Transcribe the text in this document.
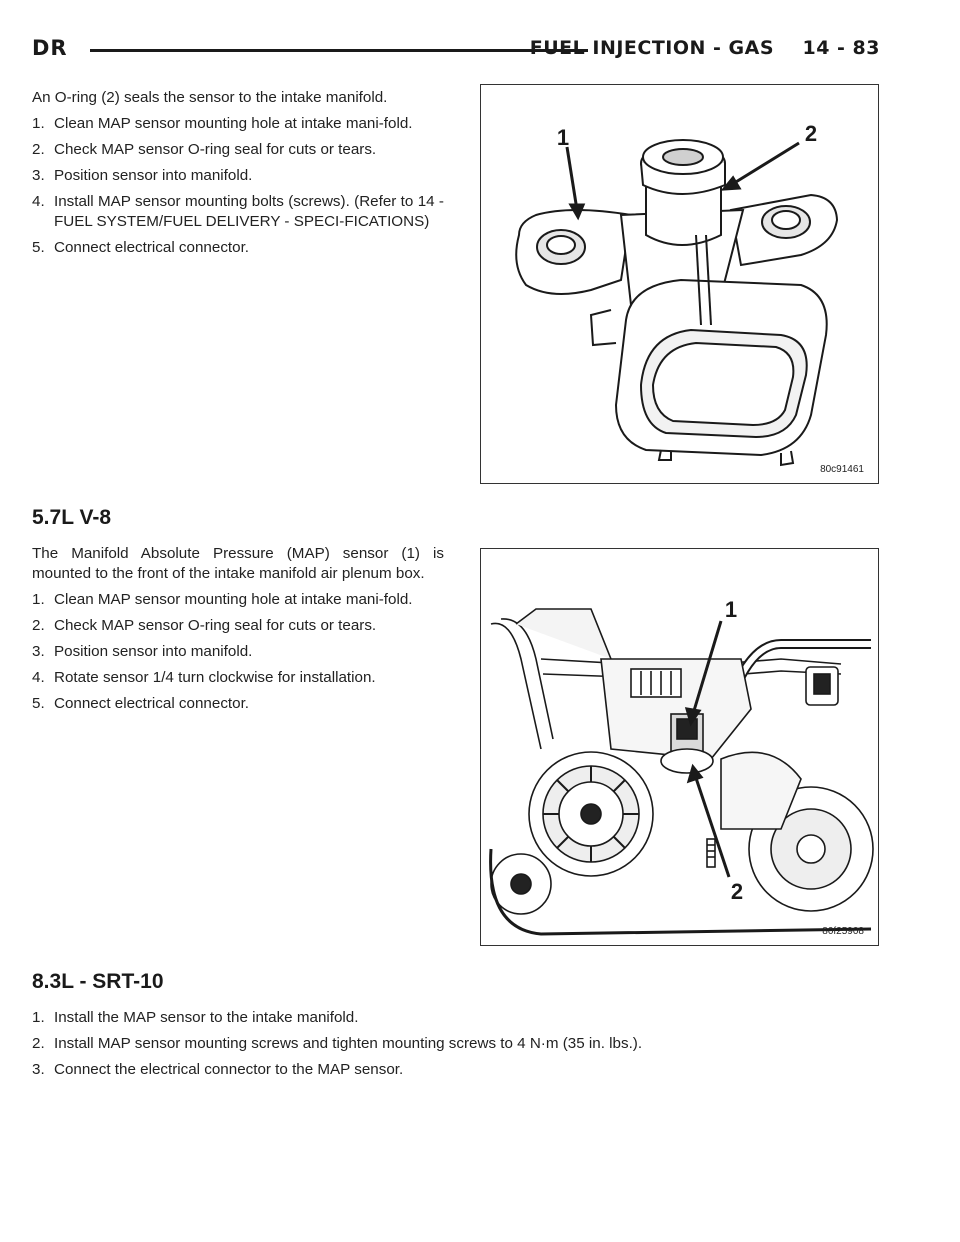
DR	FUEL INJECTION - GAS 14 - 83

An O-ring (2) seals the sensor to the intake manifold.

1. Clean MAP sensor mounting hole at intake mani-fold.
2. Check MAP sensor O-ring seal for cuts or tears.
3. Position sensor into manifold.
4. Install MAP sensor mounting bolts (screws). (Refer to 14 - FUEL SYSTEM/FUEL DELIVERY - SPECI-FICATIONS)
5. Connect electrical connector.
1	2
80c91461
5.7L V-8

The Manifold Absolute Pressure (MAP) sensor (1) is mounted to the front of the intake manifold air plenum box.

1. Clean MAP sensor mounting hole at intake mani-fold.
2. Check MAP sensor O-ring seal for cuts or tears.
3. Position sensor into manifold.
4. Rotate sensor 1/4 turn clockwise for installation.
5. Connect electrical connector.
1
2
80f25908
8.3L - SRT-10
1. Install the MAP sensor to the intake manifold.
2. Install MAP sensor mounting screws and tighten mounting screws to 4 N·m (35 in. lbs.).
3. Connect the electrical connector to the MAP sensor.
